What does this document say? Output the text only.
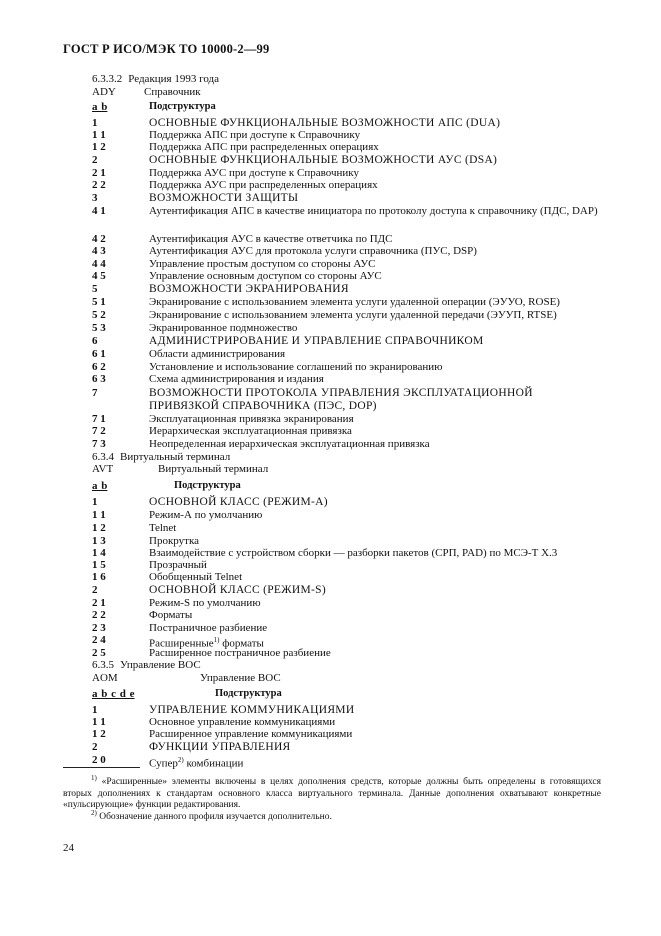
ГОСТ Р ИСО/МЭК ТО 10000-2—99
6.3.3.2 Редакция 1993 года
ADY	Справочник
a b	Подструктура
1	ОСНОВНЫЕ ФУНКЦИОНАЛЬНЫЕ ВОЗМОЖНОСТИ АПС (DUA)
1 1	Поддержка АПС при доступе к Справочнику
1 2	Поддержка АПС при распределенных операциях
2	ОСНОВНЫЕ ФУНКЦИОНАЛЬНЫЕ ВОЗМОЖНОСТИ АУС (DSA)
2 1	Поддержка АУС при доступе к Справочнику
2 2	Поддержка АУС при распределенных операциях
3	ВОЗМОЖНОСТИ ЗАЩИТЫ
4 1	Аутентификация АПС в качестве инициатора по протоколу доступа к справочнику (ПДС, DAP)
4 2	Аутентификация АУС в качестве ответчика по ПДС
4 3	Аутентификация АУС для протокола услуги справочника (ПУС, DSP)
4 4	Управление простым доступом со стороны АУС
4 5	Управление основным доступом со стороны АУС
5	ВОЗМОЖНОСТИ ЭКРАНИРОВАНИЯ
5 1	Экранирование с использованием элемента услуги удаленной операции (ЭУУО, ROSE)
5 2	Экранирование с использованием элемента услуги удаленной передачи (ЭУУП, RTSE)
5 3	Экранированное подмножество
6	АДМИНИСТРИРОВАНИЕ И УПРАВЛЕНИЕ СПРАВОЧНИКОМ
6 1	Области администрирования
6 2	Установление и использование соглашений по экранированию
6 3	Схема администрирования и издания
7	ВОЗМОЖНОСТИ ПРОТОКОЛА УПРАВЛЕНИЯ ЭКСПЛУАТАЦИОННОЙ ПРИВЯЗКОЙ СПРАВОЧНИКА (ПЭС, DOP)
7 1	Эксплуатационная привязка экранирования
7 2	Иерархическая эксплуатационная привязка
7 3	Неопределенная иерархическая эксплуатационная привязка
6.3.4 Виртуальный терминал
AVT	Виртуальный терминал
a b	Подструктура
1	ОСНОВНОЙ КЛАСС (РЕЖИМ-А)
1 1	Режим-А по умолчанию
1 2	Telnet
1 3	Прокрутка
1 4	Взаимодействие с устройством сборки — разборки пакетов (СРП, PAD) по МСЭ-Т X.3
1 5	Прозрачный
1 6	Обобщенный Telnet
2	ОСНОВНОЙ КЛАСС (РЕЖИМ-S)
2 1	Режим-S по умолчанию
2 2	Форматы
2 3	Постраничное разбиение
2 4	Расширенные$^{1)}$ форматы
2 5	Расширенное постраничное разбиение
6.3.5 Управление ВОС
AOM	Управление ВОС
a b c d e	Подструктура
1	УПРАВЛЕНИЕ КОММУНИКАЦИЯМИ
1 1	Основное управление коммуникациями
1 2	Расширенное управление коммуникациями
2	ФУНКЦИИ УПРАВЛЕНИЯ
2 0	Супер$^{2)}$ комбинации
$^{1)}$ «Расширенные» элементы включены в целях дополнения средств, которые должны быть определены в готовящихся вторых дополнениях к стандартам основного класса виртуального терминала. Данные дополнения охватывают конкретные «пульсирующие» функции редактирования.
$^{2)}$ Обозначение данного профиля изучается дополнительно.
24
